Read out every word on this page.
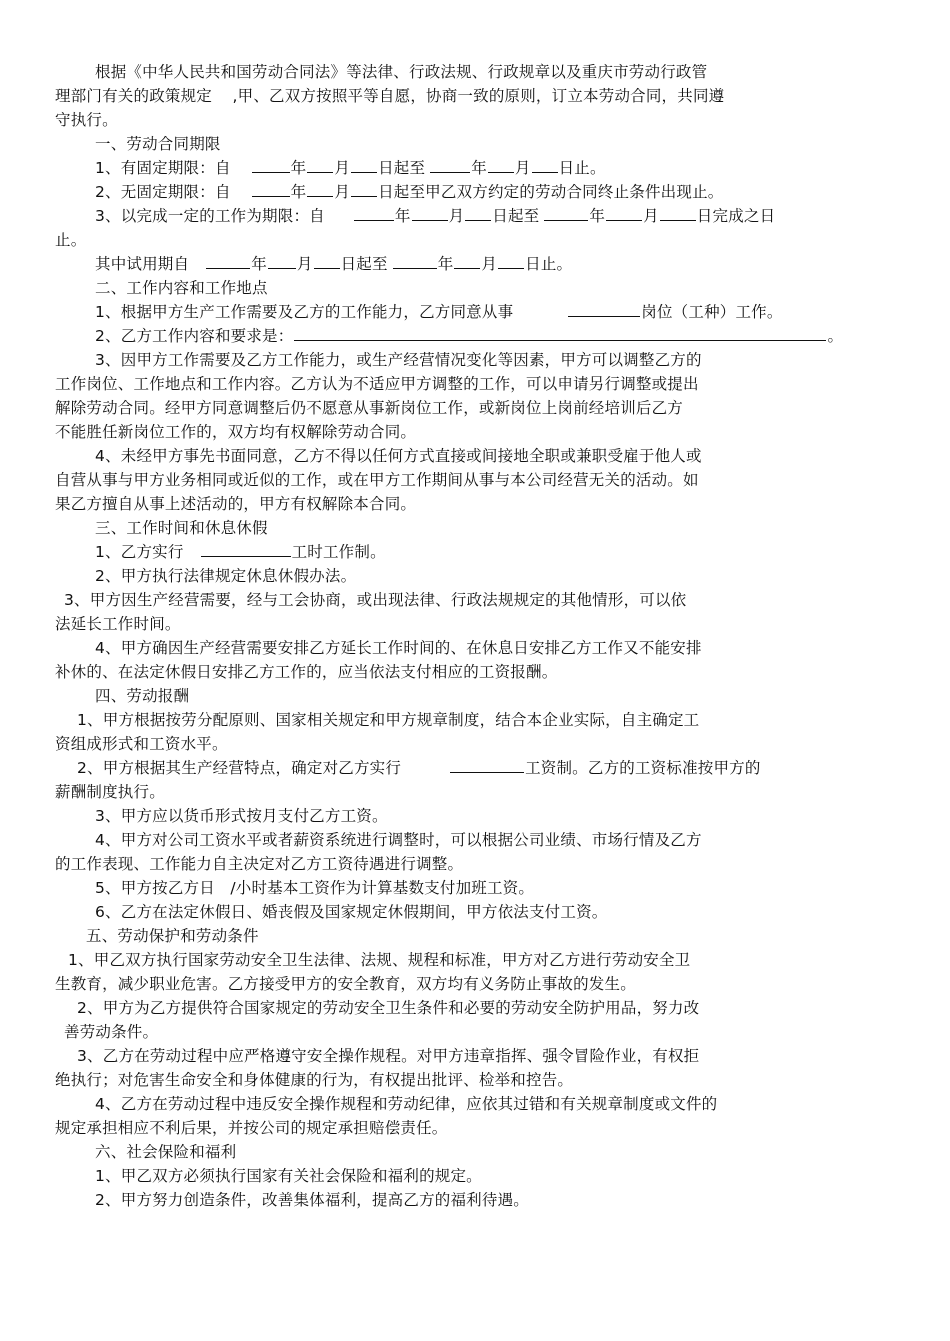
根据《中华人民共和国劳动合同法》等法律、行政法规、行政规章以及重庆市劳动行政管
理部门有关的政策规定    ,甲、乙双方按照平等自愿，协商一致的原则，订立本劳动合同，共同遵
守执行。
一、劳动合同期限
1、有固定期限：自	年 月 日起至	年 月 日止。
2、无固定期限：自	年 月 日起至甲乙双方约定的劳动合同终止条件出现止。
3、以完成一定的工作为期限：自	年 月 日起至	年 月 日完成之日
止。
其中试用期自	年 月 日起至	年 月 日止。
二、工作内容和工作地点
1、根据甲方生产工作需要及乙方的工作能力，乙方同意从事	岗位（工种）工作。
2、乙方工作内容和要求是：	。
3、因甲方工作需要及乙方工作能力，或生产经营情况变化等因素，甲方可以调整乙方的
工作岗位、工作地点和工作内容。乙方认为不适应甲方调整的工作，可以申请另行调整或提出
解除劳动合同。经甲方同意调整后仍不愿意从事新岗位工作，或新岗位上岗前经培训后乙方
不能胜任新岗位工作的，双方均有权解除劳动合同。
4、未经甲方事先书面同意，乙方不得以任何方式直接或间接地全职或兼职受雇于他人或
自营从事与甲方业务相同或近似的工作，或在甲方工作期间从事与本公司经营无关的活动。如
果乙方擅自从事上述活动的，甲方有权解除本合同。
三、工作时间和休息休假
1、乙方实行	工时工作制。
2、甲方执行法律规定休息休假办法。
3、甲方因生产经营需要，经与工会协商，或出现法律、行政法规规定的其他情形，可以依
法延长工作时间。
4、甲方确因生产经营需要安排乙方延长工作时间的、在休息日安排乙方工作又不能安排
补休的、在法定休假日安排乙方工作的，应当依法支付相应的工资报酬。
四、劳动报酬
1、甲方根据按劳分配原则、国家相关规定和甲方规章制度，结合本企业实际，自主确定工
资组成形式和工资水平。
2、甲方根据其生产经营特点，确定对乙方实行	工资制。乙方的工资标准按甲方的
薪酬制度执行。
3、甲方应以货币形式按月支付乙方工资。
4、甲方对公司工资水平或者薪资系统进行调整时，可以根据公司业绩、市场行情及乙方
的工作表现、工作能力自主决定对乙方工资待遇进行调整。
5、甲方按乙方日   /小时基本工资作为计算基数支付加班工资。
6、乙方在法定休假日、婚丧假及国家规定休假期间，甲方依法支付工资。
五、劳动保护和劳动条件
1、甲乙双方执行国家劳动安全卫生法律、法规、规程和标准，甲方对乙方进行劳动安全卫
生教育，减少职业危害。乙方接受甲方的安全教育，双方均有义务防止事故的发生。
2、甲方为乙方提供符合国家规定的劳动安全卫生条件和必要的劳动安全防护用品，努力改
善劳动条件。
3、乙方在劳动过程中应严格遵守安全操作规程。对甲方违章指挥、强令冒险作业，有权拒
绝执行；对危害生命安全和身体健康的行为，有权提出批评、检举和控告。
4、乙方在劳动过程中违反安全操作规程和劳动纪律，应依其过错和有关规章制度或文件的
规定承担相应不利后果，并按公司的规定承担赔偿责任。
六、社会保险和福利
1、甲乙双方必须执行国家有关社会保险和福利的规定。
2、甲方努力创造条件，改善集体福利，提高乙方的福利待遇。
